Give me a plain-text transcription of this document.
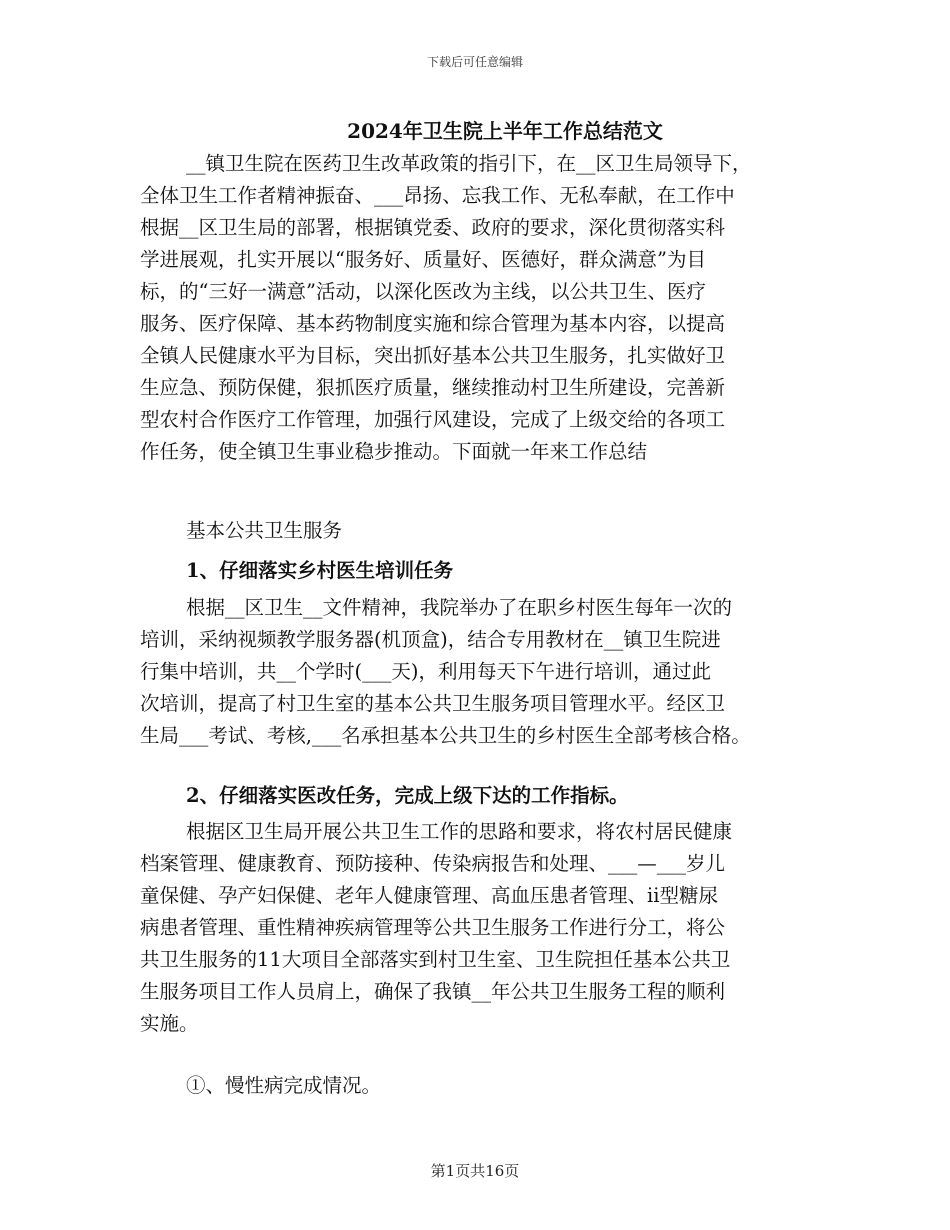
下载后可任意编辑
2024年卫生院上半年工作总结范文
__镇卫生院在医药卫生改革政策的指引下，在__区卫生局领导下，
全体卫生工作者精神振奋、___昂扬、忘我工作、无私奉献，在工作中
根据__区卫生局的部署，根据镇党委、政府的要求，深化贯彻落实科
学进展观，扎实开展以“服务好、质量好、医德好，群众满意”为目
标，的“三好一满意”活动，以深化医改为主线，以公共卫生、医疗
服务、医疗保障、基本药物制度实施和综合管理为基本内容，以提高
全镇人民健康水平为目标，突出抓好基本公共卫生服务，扎实做好卫
生应急、预防保健，狠抓医疗质量，继续推动村卫生所建设，完善新
型农村合作医疗工作管理，加强行风建设，完成了上级交给的各项工
作任务，使全镇卫生事业稳步推动。下面就一年来工作总结
基本公共卫生服务
1、仔细落实乡村医生培训任务
根据__区卫生__文件精神，我院举办了在职乡村医生每年一次的
培训，采纳视频教学服务器(机顶盒)，结合专用教材在__镇卫生院进
行集中培训，共__个学时(___天)，利用每天下午进行培训，通过此
次培训，提高了村卫生室的基本公共卫生服务项目管理水平。经区卫
生局___考试、考核,___名承担基本公共卫生的乡村医生全部考核合格。
2、仔细落实医改任务，完成上级下达的工作指标。
根据区卫生局开展公共卫生工作的思路和要求，将农村居民健康
档案管理、健康教育、预防接种、传染病报告和处理、___—___岁儿
童保健、孕产妇保健、老年人健康管理、高血压患者管理、ii型糖尿
病患者管理、重性精神疾病管理等公共卫生服务工作进行分工，将公
共卫生服务的11大项目全部落实到村卫生室、卫生院担任基本公共卫
生服务项目工作人员肩上，确保了我镇__年公共卫生服务工程的顺利
实施。
①、慢性病完成情况。
第1页共16页
